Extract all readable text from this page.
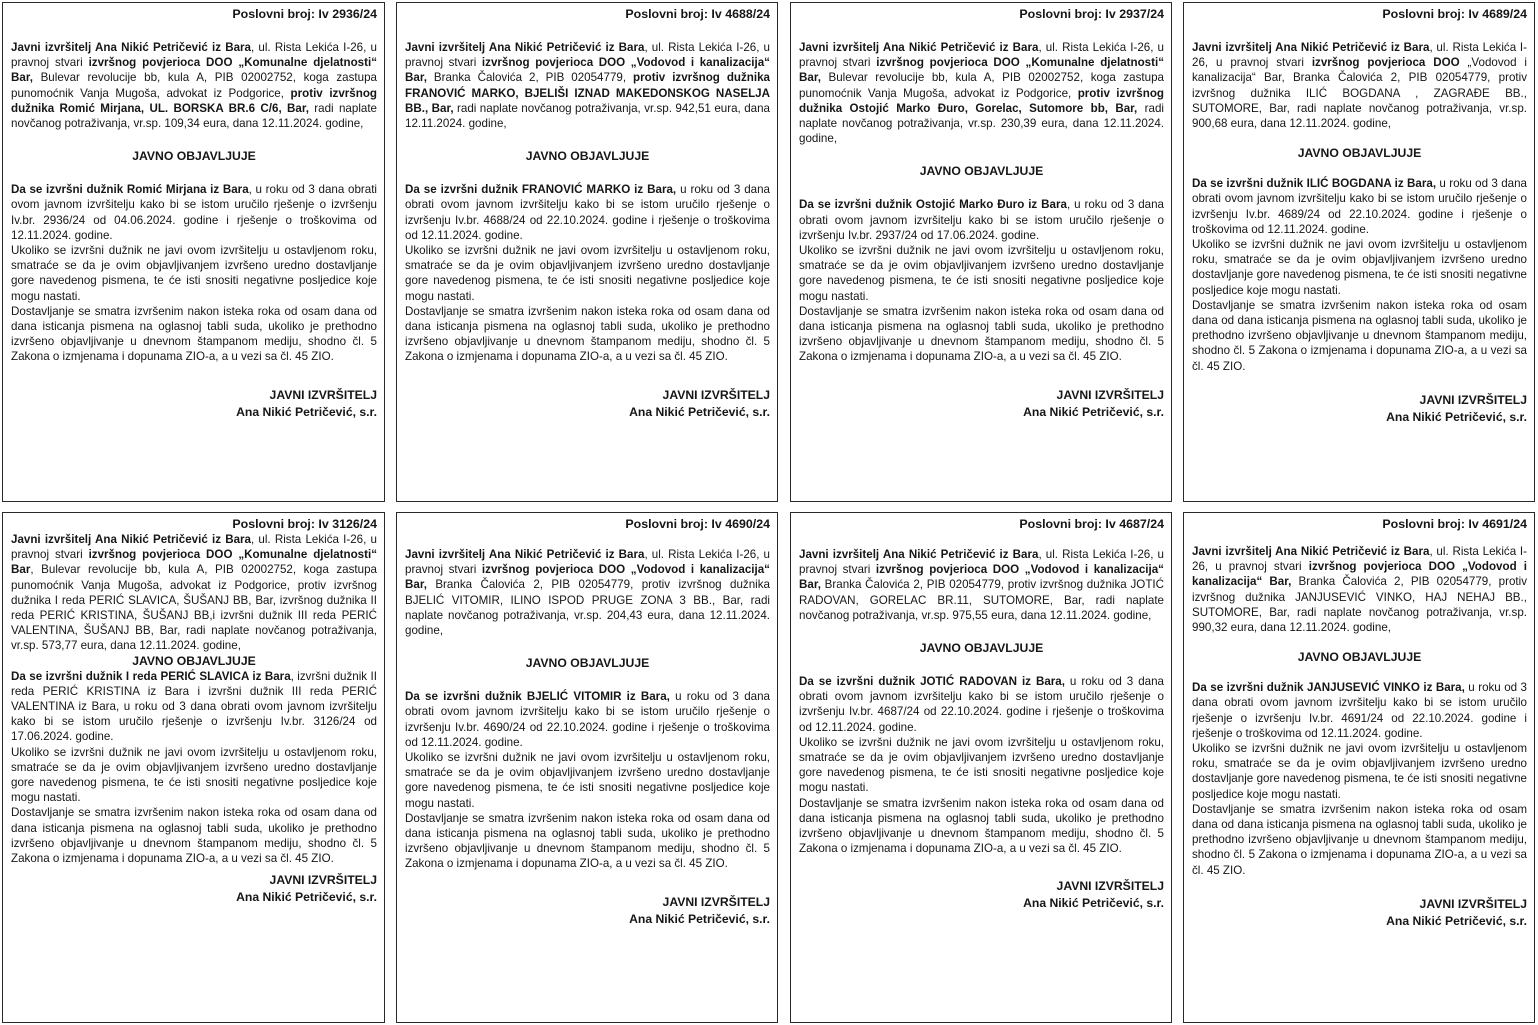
Poslovni broj: Iv 2936/24

Javni izvršitelj Ana Nikić Petričević iz Bara, ul. Rista Lekića I-26, u pravnoj stvari izvršnog povjerioca DOO „Komunalne djelatnosti“ Bar, Bulevar revolucije bb, kula A, PIB 02002752, koga zastupa punomoćnik Vanja Mugoša, advokat iz Podgorice, protiv izvršnog dužnika Romić Mirjana, UL. BORSKA BR.6 C/6, Bar, radi naplate novčanog potraživanja, vr.sp. 109,34 eura, dana 12.11.2024. godine,

JAVNO OBJAVLJUJE

Da se izvršni dužnik Romić Mirjana iz Bara, u roku od 3 dana obrati ovom javnom izvršitelju kako bi se istom uručilo rješenje o izvršenju Iv.br. 2936/24 od 04.06.2024. godine i rješenje o troškovima od 12.11.2024. godine.

Ukoliko se izvršni dužnik ne javi ovom izvršitelju u ostavljenom roku, smatraće se da je ovim objavljivanjem izvršeno uredno dostavljanje gore navedenog pismena, te će isti snositi negativne posljedice koje mogu nastati.

Dostavljanje se smatra izvršenim nakon isteka roka od osam dana od dana isticanja pismena na oglasnoj tabli suda, ukoliko je prethodno izvršeno objavljivanje u dnevnom štampanom mediju, shodno čl. 5 Zakona o izmjenama i dopunama ZIO-a, a u vezi sa čl. 45 ZIO.

JAVNI IZVRŠITELJ
Ana Nikić Petričević, s.r.
Poslovni broj: Iv 4688/24

Javni izvršitelj Ana Nikić Petričević iz Bara, ul. Rista Lekića I-26, u pravnoj stvari izvršnog povjerioca DOO „Vodovod i kanalizacija“ Bar, Branka Čalovića 2, PIB 02054779, protiv izvršnog dužnika FRANOVIĆ MARKO, BJELIŠI IZNAD MAKEDONSKOG NASELJA BB., Bar, radi naplate novčanog potraživanja, vr.sp. 942,51 eura, dana 12.11.2024. godine,

JAVNO OBJAVLJUJE

Da se izvršni dužnik FRANOVIĆ MARKO iz Bara, u roku od 3 dana obrati ovom javnom izvršitelju kako bi se istom uručilo rješenje o izvršenju Iv.br. 4688/24 od 22.10.2024. godine i rješenje o troškovima od 12.11.2024. godine.

Ukoliko se izvršni dužnik ne javi ovom izvršitelju u ostavljenom roku, smatraće se da je ovim objavljivanjem izvršeno uredno dostavljanje gore navedenog pismena, te će isti snositi negativne posljedice koje mogu nastati.

Dostavljanje se smatra izvršenim nakon isteka roka od osam dana od dana isticanja pismena na oglasnoj tabli suda, ukoliko je prethodno izvršeno objavljivanje u dnevnom štampanom mediju, shodno čl. 5 Zakona o izmjenama i dopunama ZIO-a, a u vezi sa čl. 45 ZIO.

JAVNI IZVRŠITELJ
Ana Nikić Petričević, s.r.
Poslovni broj: Iv 2937/24

Javni izvršitelj Ana Nikić Petričević iz Bara, ul. Rista Lekića I-26, u pravnoj stvari izvršnog povjerioca DOO „Komunalne djelatnosti“ Bar, Bulevar revolucije bb, kula A, PIB 02002752, koga zastupa punomoćnik Vanja Mugoša, advokat iz Podgorice, protiv izvršnog dužnika Ostojić Marko Đuro, Gorelac, Sutomore bb, Bar, radi naplate novčanog potraživanja, vr.sp. 230,39 eura, dana 12.11.2024. godine,

JAVNO OBJAVLJUJE

Da se izvršni dužnik Ostojić Marko Đuro iz Bara, u roku od 3 dana obrati ovom javnom izvršitelju kako bi se istom uručilo rješenje o izvršenju Iv.br. 2937/24 od 17.06.2024. godine.

Ukoliko se izvršni dužnik ne javi ovom izvršitelju u ostavljenom roku, smatraće se da je ovim objavljivanjem izvršeno uredno dostavljanje gore navedenog pismena, te će isti snositi negativne posljedice koje mogu nastati.

Dostavljanje se smatra izvršenim nakon isteka roka od osam dana od dana isticanja pismena na oglasnoj tabli suda, ukoliko je prethodno izvršeno objavljivanje u dnevnom štampanom mediju, shodno čl. 5 Zakona o izmjenama i dopunama ZIO-a, a u vezi sa čl. 45 ZIO.

JAVNI IZVRŠITELJ
Ana Nikić Petričević, s.r.
Poslovni broj: Iv 4689/24

Javni izvršitelj Ana Nikić Petričević iz Bara, ul. Rista Lekića I-26, u pravnoj stvari izvršnog povjerioca DOO „Vodovod i kanalizacija“ Bar, Branka Čalovića 2, PIB 02054779, protiv izvršnog dužnika ILIĆ BOGDANA , ZAGRAĐE BB., SUTOMORE, Bar, radi naplate novčanog potraživanja, vr.sp. 900,68 eura, dana 12.11.2024. godine,

JAVNO OBJAVLJUJE

Da se izvršni dužnik ILIĆ BOGDANA iz Bara, u roku od 3 dana obrati ovom javnom izvršitelju kako bi se istom uručilo rješenje o izvršenju Iv.br. 4689/24 od 22.10.2024. godine i rješenje o troškovima od 12.11.2024. godine.

Ukoliko se izvršni dužnik ne javi ovom izvršitelju u ostavljenom roku, smatraće se da je ovim objavljivanjem izvršeno uredno dostavljanje gore navedenog pismena, te će isti snositi negativne posljedice koje mogu nastati.

Dostavljanje se smatra izvršenim nakon isteka roka od osam dana od dana isticanja pismena na oglasnoj tabli suda, ukoliko je prethodno izvršeno objavljivanje u dnevnom štampanom mediju, shodno čl. 5 Zakona o izmjenama i dopunama ZIO-a, a u vezi sa čl. 45 ZIO.

JAVNI IZVRŠITELJ
Ana Nikić Petričević, s.r.
Poslovni broj: Iv 3126/24

Javni izvršitelj Ana Nikić Petričević iz Bara, ul. Rista Lekića I-26, u pravnoj stvari izvršnog povjerioca DOO „Komunalne djelatnosti“ Bar, Bulevar revolucije bb, kula A, PIB 02002752, koga zastupa punomoćnik Vanja Mugoša, advokat iz Podgorice, protiv izvršnog dužnika I reda PERIĆ SLAVICA, ŠUŠANJ BB, Bar, izvršnog dužnika II reda PERIĆ KRISTINA, ŠUŠANJ BB,i izvršni dužnik III reda PERIĆ VALENTINA, ŠUŠANJ BB, Bar, radi naplate novčanog potraživanja, vr.sp. 573,77 eura, dana 12.11.2024. godine,

JAVNO OBJAVLJUJE

Da se izvršni dužnik I reda PERIĆ SLAVICA iz Bara, izvršni dužnik II reda PERIĆ KRISTINA iz Bara i izvršni dužnik III reda PERIĆ VALENTINA iz Bara, u roku od 3 dana obrati ovom javnom izvršitelju kako bi se istom uručilo rješenje o izvršenju Iv.br. 3126/24 od 17.06.2024. godine.

Ukoliko se izvršni dužnik ne javi ovom izvršitelju u ostavljenom roku, smatraće se da je ovim objavljivanjem izvršeno uredno dostavljanje gore navedenog pismena, te će isti snositi negativne posljedice koje mogu nastati.

Dostavljanje se smatra izvršenim nakon isteka roka od osam dana od dana isticanja pismena na oglasnoj tabli suda, ukoliko je prethodno izvršeno objavljivanje u dnevnom štampanom mediju, shodno čl. 5 Zakona o izmjenama i dopunama ZIO-a, a u vezi sa čl. 45 ZIO.

JAVNI IZVRŠITELJ
Ana Nikić Petričević, s.r.
Poslovni broj: Iv 4690/24

Javni izvršitelj Ana Nikić Petričević iz Bara, ul. Rista Lekića I-26, u pravnoj stvari izvršnog povjerioca DOO „Vodovod i kanalizacija“ Bar, Branka Čalovića 2, PIB 02054779, protiv izvršnog dužnika BJELIĆ VITOMIR, ILINO ISPOD PRUGE ZONA 3 BB., Bar, radi naplate novčanog potraživanja, vr.sp. 204,43 eura, dana 12.11.2024. godine,

JAVNO OBJAVLJUJE

Da se izvršni dužnik BJELIĆ VITOMIR iz Bara, u roku od 3 dana obrati ovom javnom izvršitelju kako bi se istom uručilo rješenje o izvršenju Iv.br. 4690/24 od 22.10.2024. godine i rješenje o troškovima od 12.11.2024. godine.

Ukoliko se izvršni dužnik ne javi ovom izvršitelju u ostavljenom roku, smatraće se da je ovim objavljivanjem izvršeno uredno dostavljanje gore navedenog pismena, te će isti snositi negativne posljedice koje mogu nastati.

Dostavljanje se smatra izvršenim nakon isteka roka od osam dana od dana isticanja pismena na oglasnoj tabli suda, ukoliko je prethodno izvršeno objavljivanje u dnevnom štampanom mediju, shodno čl. 5 Zakona o izmjenama i dopunama ZIO-a, a u vezi sa čl. 45 ZIO.

JAVNI IZVRŠITELJ
Ana Nikić Petričević, s.r.
Poslovni broj: Iv 4687/24

Javni izvršitelj Ana Nikić Petričević iz Bara, ul. Rista Lekića I-26, u pravnoj stvari izvršnog povjerioca DOO „Vodovod i kanalizacija“ Bar, Branka Čalovića 2, PIB 02054779, protiv izvršnog dužnika JOTIĆ RADOVAN, GORELAC BR.11, SUTOMORE, Bar, radi naplate novčanog potraživanja, vr.sp. 975,55 eura, dana 12.11.2024. godine,

JAVNO OBJAVLJUJE

Da se izvršni dužnik JOTIĆ RADOVAN iz Bara, u roku od 3 dana obrati ovom javnom izvršitelju kako bi se istom uručilo rješenje o izvršenju Iv.br. 4687/24 od 22.10.2024. godine i rješenje o troškovima od 12.11.2024. godine.

Ukoliko se izvršni dužnik ne javi ovom izvršitelju u ostavljenom roku, smatraće se da je ovim objavljivanjem izvršeno uredno dostavljanje gore navedenog pismena, te će isti snositi negativne posljedice koje mogu nastati.

Dostavljanje se smatra izvršenim nakon isteka roka od osam dana od dana isticanja pismena na oglasnoj tabli suda, ukoliko je prethodno izvršeno objavljivanje u dnevnom štampanom mediju, shodno čl. 5 Zakona o izmjenama i dopunama ZIO-a, a u vezi sa čl. 45 ZIO.

JAVNI IZVRŠITELJ
Ana Nikić Petričević, s.r.
Poslovni broj: Iv 4691/24

Javni izvršitelj Ana Nikić Petričević iz Bara, ul. Rista Lekića I-26, u pravnoj stvari izvršnog povjerioca DOO „Vodovod i kanalizacija“ Bar, Branka Čalovića 2, PIB 02054779, protiv izvršnog dužnika JANJUSEVIĆ VINKO, HAJ NEHAJ BB., SUTOMORE, Bar, radi naplate novčanog potraživanja, vr.sp. 990,32 eura, dana 12.11.2024. godine,

JAVNO OBJAVLJUJE

Da se izvršni dužnik JANJUSEVIĆ VINKO iz Bara, u roku od 3 dana obrati ovom javnom izvršitelju kako bi se istom uručilo rješenje o izvršenju Iv.br. 4691/24 od 22.10.2024. godine i rješenje o troškovima od 12.11.2024. godine.

Ukoliko se izvršni dužnik ne javi ovom izvršitelju u ostavljenom roku, smatraće se da je ovim objavljivanjem izvršeno uredno dostavljanje gore navedenog pismena, te će isti snositi negativne posljedice koje mogu nastati.

Dostavljanje se smatra izvršenim nakon isteka roka od osam dana od dana isticanja pismena na oglasnoj tabli suda, ukoliko je prethodno izvršeno objavljivanje u dnevnom štampanom mediju, shodno čl. 5 Zakona o izmjenama i dopunama ZIO-a, a u vezi sa čl. 45 ZIO.

JAVNI IZVRŠITELJ
Ana Nikić Petričević, s.r.
